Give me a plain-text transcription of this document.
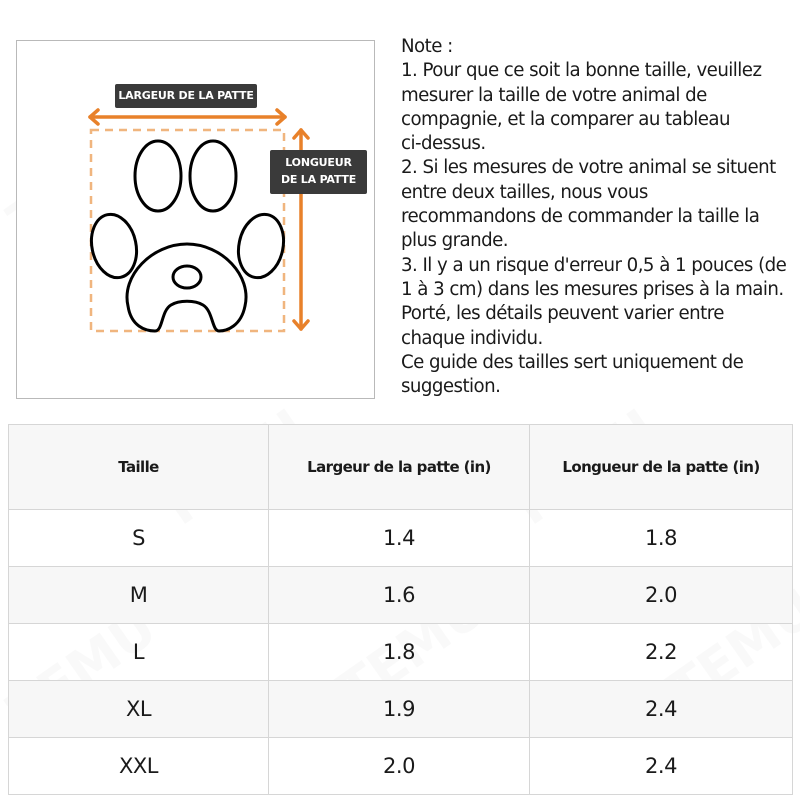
LARGEUR DE LA PATTE
LONGUEUR
DE LA PATTE
Note :
1. Pour que ce soit la bonne taille, veuillez
mesurer la taille de votre animal de
compagnie, et la comparer au tableau
ci-dessus.
2. Si les mesures de votre animal se situent
entre deux tailles, nous vous
recommandons de commander la taille la
plus grande.
3. Il y a un risque d'erreur 0,5 à 1 pouces (de
1 à 3 cm) dans les mesures prises à la main.
Porté, les détails peuvent varier entre
chaque individu.
Ce guide des tailles sert uniquement de
suggestion.
Taille	Largeur de la patte (in)	Longueur de la patte (in)
S	1.4	1.8
M	1.6	2.0
L	1.8	2.2
XL	1.9	2.4
XXL	2.0	2.4
